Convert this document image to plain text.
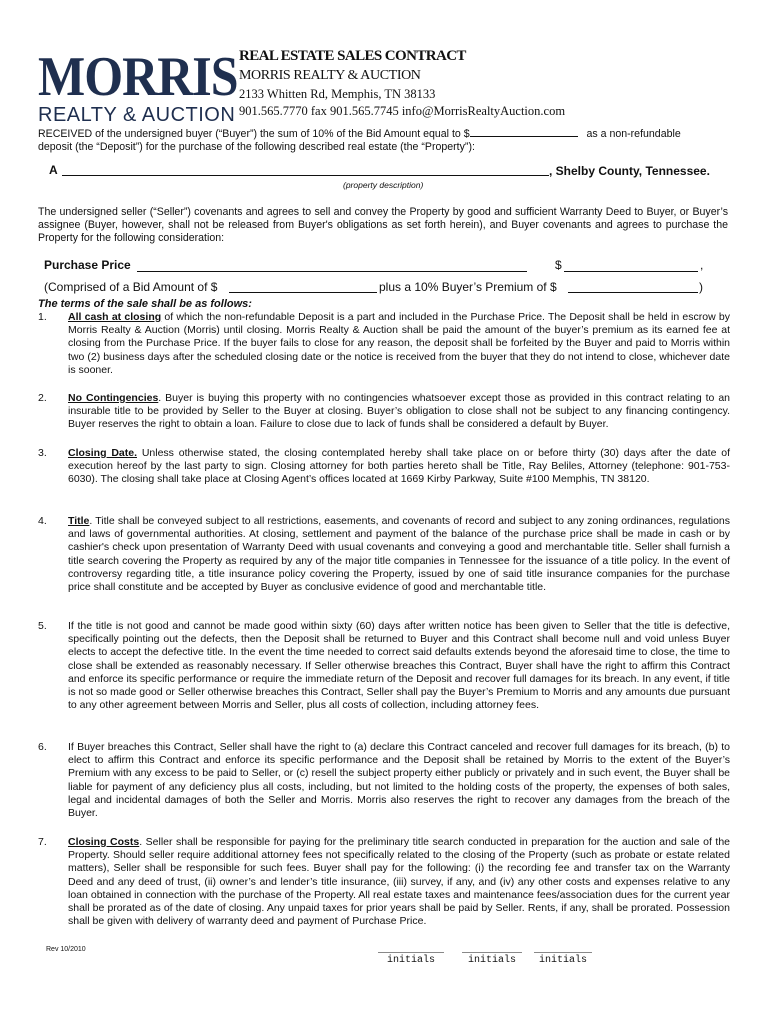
MORRIS
REALTY & AUCTION
REAL ESTATE SALES CONTRACT
MORRIS REALTY & AUCTION
2133 Whitten Rd, Memphis, TN 38133
901.565.7770 fax 901.565.7745 info@MorrisRealtyAuction.com
RECEIVED of the undersigned buyer (“Buyer”) the sum of 10% of the Bid Amount equal to $	as a non-refundable
deposit (the “Deposit”) for the purchase of the following described real estate (the “Property”):
A	, Shelby County, Tennessee.
(property description)
The undersigned seller (“Seller”) covenants and agrees to sell and convey the Property by good and sufficient Warranty Deed to Buyer, or Buyer’s assignee (Buyer, however, shall not be released from Buyer's obligations as set forth herein), and Buyer covenants and agrees to purchase the Property for the following consideration:
Purchase Price	$	,
(Comprised of a Bid Amount of $	plus a 10% Buyer’s Premium of $	)
The terms of the sale shall be as follows:
1.	All cash at closing of which the non-refundable Deposit is a part and included in the Purchase Price. The Deposit shall be held in escrow by Morris Realty & Auction (Morris) until closing. Morris Realty & Auction shall be paid the amount of the buyer’s premium as its earned fee at closing from the Purchase Price. If the buyer fails to close for any reason, the deposit shall be forfeited by the Buyer and paid to Morris within two (2) business days after the scheduled closing date or the notice is received from the buyer that they do not intend to close, whichever date is sooner.
2.	No Contingencies. Buyer is buying this property with no contingencies whatsoever except those as provided in this contract relating to an insurable title to be provided by Seller to the Buyer at closing. Buyer’s obligation to close shall not be subject to any financing contingency. Buyer reserves the right to obtain a loan. Failure to close due to lack of funds shall be considered a default by Buyer.
3.	Closing Date. Unless otherwise stated, the closing contemplated hereby shall take place on or before thirty (30) days after the date of execution hereof by the last party to sign. Closing attorney for both parties hereto shall be Title, Ray Beliles, Attorney (telephone: 901-753-6030). The closing shall take place at Closing Agent’s offices located at 1669 Kirby Parkway, Suite #100 Memphis, TN 38120.
4.	Title. Title shall be conveyed subject to all restrictions, easements, and covenants of record and subject to any zoning ordinances, regulations and laws of governmental authorities. At closing, settlement and payment of the balance of the purchase price shall be made in cash or by cashier's check upon presentation of Warranty Deed with usual covenants and conveying a good and merchantable title. Seller shall furnish a title search covering the Property as required by any of the major title companies in Tennessee for the issuance of a title policy. In the event of controversy regarding title, a title insurance policy covering the Property, issued by one of said title insurance companies for the purchase price shall constitute and be accepted by Buyer as conclusive evidence of good and merchantable title.
5.	If the title is not good and cannot be made good within sixty (60) days after written notice has been given to Seller that the title is defective, specifically pointing out the defects, then the Deposit shall be returned to Buyer and this Contract shall become null and void unless Buyer elects to accept the defective title. In the event the time needed to correct said defaults extends beyond the aforesaid time to close, the time to close shall be extended as reasonably necessary. If Seller otherwise breaches this Contract, Buyer shall have the right to affirm this Contract and enforce its specific performance or require the immediate return of the Deposit and recover full damages for its breach. In any event, if title is not so made good or Seller otherwise breaches this Contract, Seller shall pay the Buyer’s Premium to Morris and any amounts due pursuant to any other agreement between Morris and Seller, plus all costs of collection, including attorney fees.
6.	If Buyer breaches this Contract, Seller shall have the right to (a) declare this Contract canceled and recover full damages for its breach, (b) to elect to affirm this Contract and enforce its specific performance and the Deposit shall be retained by Morris to the extent of the Buyer’s Premium with any excess to be paid to Seller, or (c) resell the subject property either publicly or privately and in such event, the Buyer shall be liable for payment of any deficiency plus all costs, including, but not limited to the holding costs of the property, the expenses of both sales, legal and incidental damages of both the Seller and Morris. Morris also reserves the right to recover any damages from the breach of the Buyer.
7.	Closing Costs. Seller shall be responsible for paying for the preliminary title search conducted in preparation for the auction and sale of the Property. Should seller require additional attorney fees not specifically related to the closing of the Property (such as probate or estate related matters), Seller shall be responsible for such fees. Buyer shall pay for the following: (i) the recording fee and transfer tax on the Warranty Deed and any deed of trust, (ii) owner’s and lender’s title insurance, (iii) survey, if any, and (iv) any other costs and expenses relative to any loan obtained in connection with the purchase of the Property. All real estate taxes and maintenance fees/association dues for the current year shall be prorated as of the date of closing. Any unpaid taxes for prior years shall be paid by Seller. Rents, if any, shall be prorated. Possession shall be given with delivery of warranty deed and payment of Purchase Price.
Rev 10/2010
initials	initials	initials
